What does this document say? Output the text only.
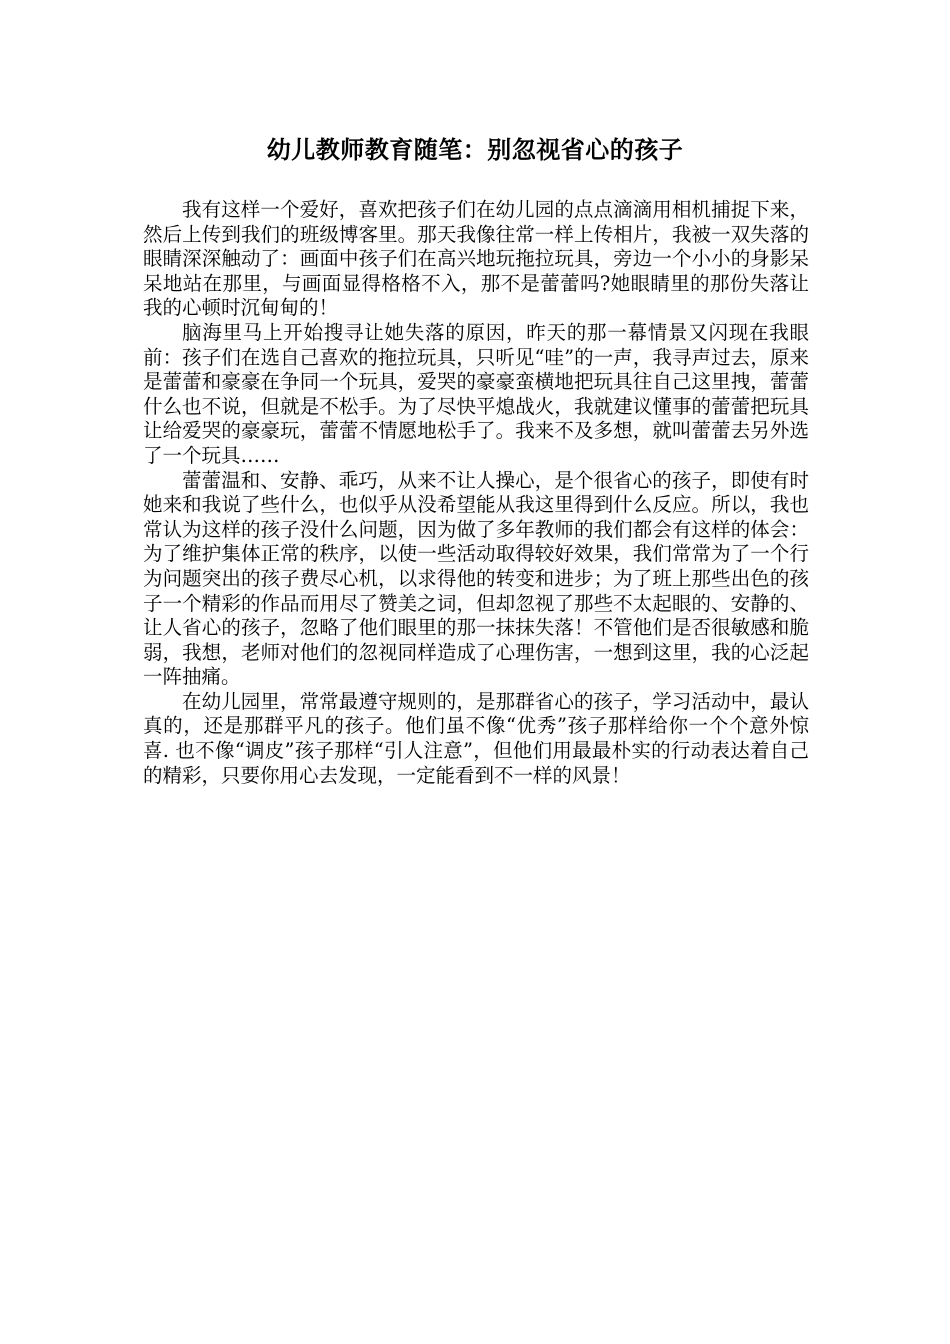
幼儿教师教育随笔：别忽视省心的孩子

我有这样一个爱好，喜欢把孩子们在幼儿园的点点滴滴用相机捕捉下来，然后上传到我们的班级博客里。那天我像往常一样上传相片，我被一双失落的眼睛深深触动了：画面中孩子们在高兴地玩拖拉玩具，旁边一个小小的身影呆呆地站在那里，与画面显得格格不入，那不是蕾蕾吗?她眼睛里的那份失落让我的心顿时沉甸甸的！

脑海里马上开始搜寻让她失落的原因，昨天的那一幕情景又闪现在我眼前：孩子们在选自己喜欢的拖拉玩具，只听见“哇”的一声，我寻声过去，原来是蕾蕾和豪豪在争同一个玩具，爱哭的豪豪蛮横地把玩具往自己这里拽，蕾蕾什么也不说，但就是不松手。为了尽快平熄战火，我就建议懂事的蕾蕾把玩具让给爱哭的豪豪玩，蕾蕾不情愿地松手了。我来不及多想，就叫蕾蕾去另外选了一个玩具……

蕾蕾温和、安静、乖巧，从来不让人操心，是个很省心的孩子，即使有时她来和我说了些什么，也似乎从没希望能从我这里得到什么反应。所以，我也常认为这样的孩子没什么问题，因为做了多年教师的我们都会有这样的体会：为了维护集体正常的秩序，以使一些活动取得较好效果，我们常常为了一个行为问题突出的孩子费尽心机，以求得他的转变和进步；为了班上那些出色的孩子一个精彩的作品而用尽了赞美之词，但却忽视了那些不太起眼的、安静的、让人省心的孩子，忽略了他们眼里的那一抹抹失落！不管他们是否很敏感和脆弱，我想，老师对他们的忽视同样造成了心理伤害，一想到这里，我的心泛起一阵抽痛。

在幼儿园里，常常最遵守规则的，是那群省心的孩子，学习活动中，最认真的，还是那群平凡的孩子。他们虽不像“优秀”孩子那样给你一个个意外惊喜. 也不像“调皮”孩子那样“引人注意”，但他们用最最朴实的行动表达着自己的精彩，只要你用心去发现，一定能看到不一样的风景！
